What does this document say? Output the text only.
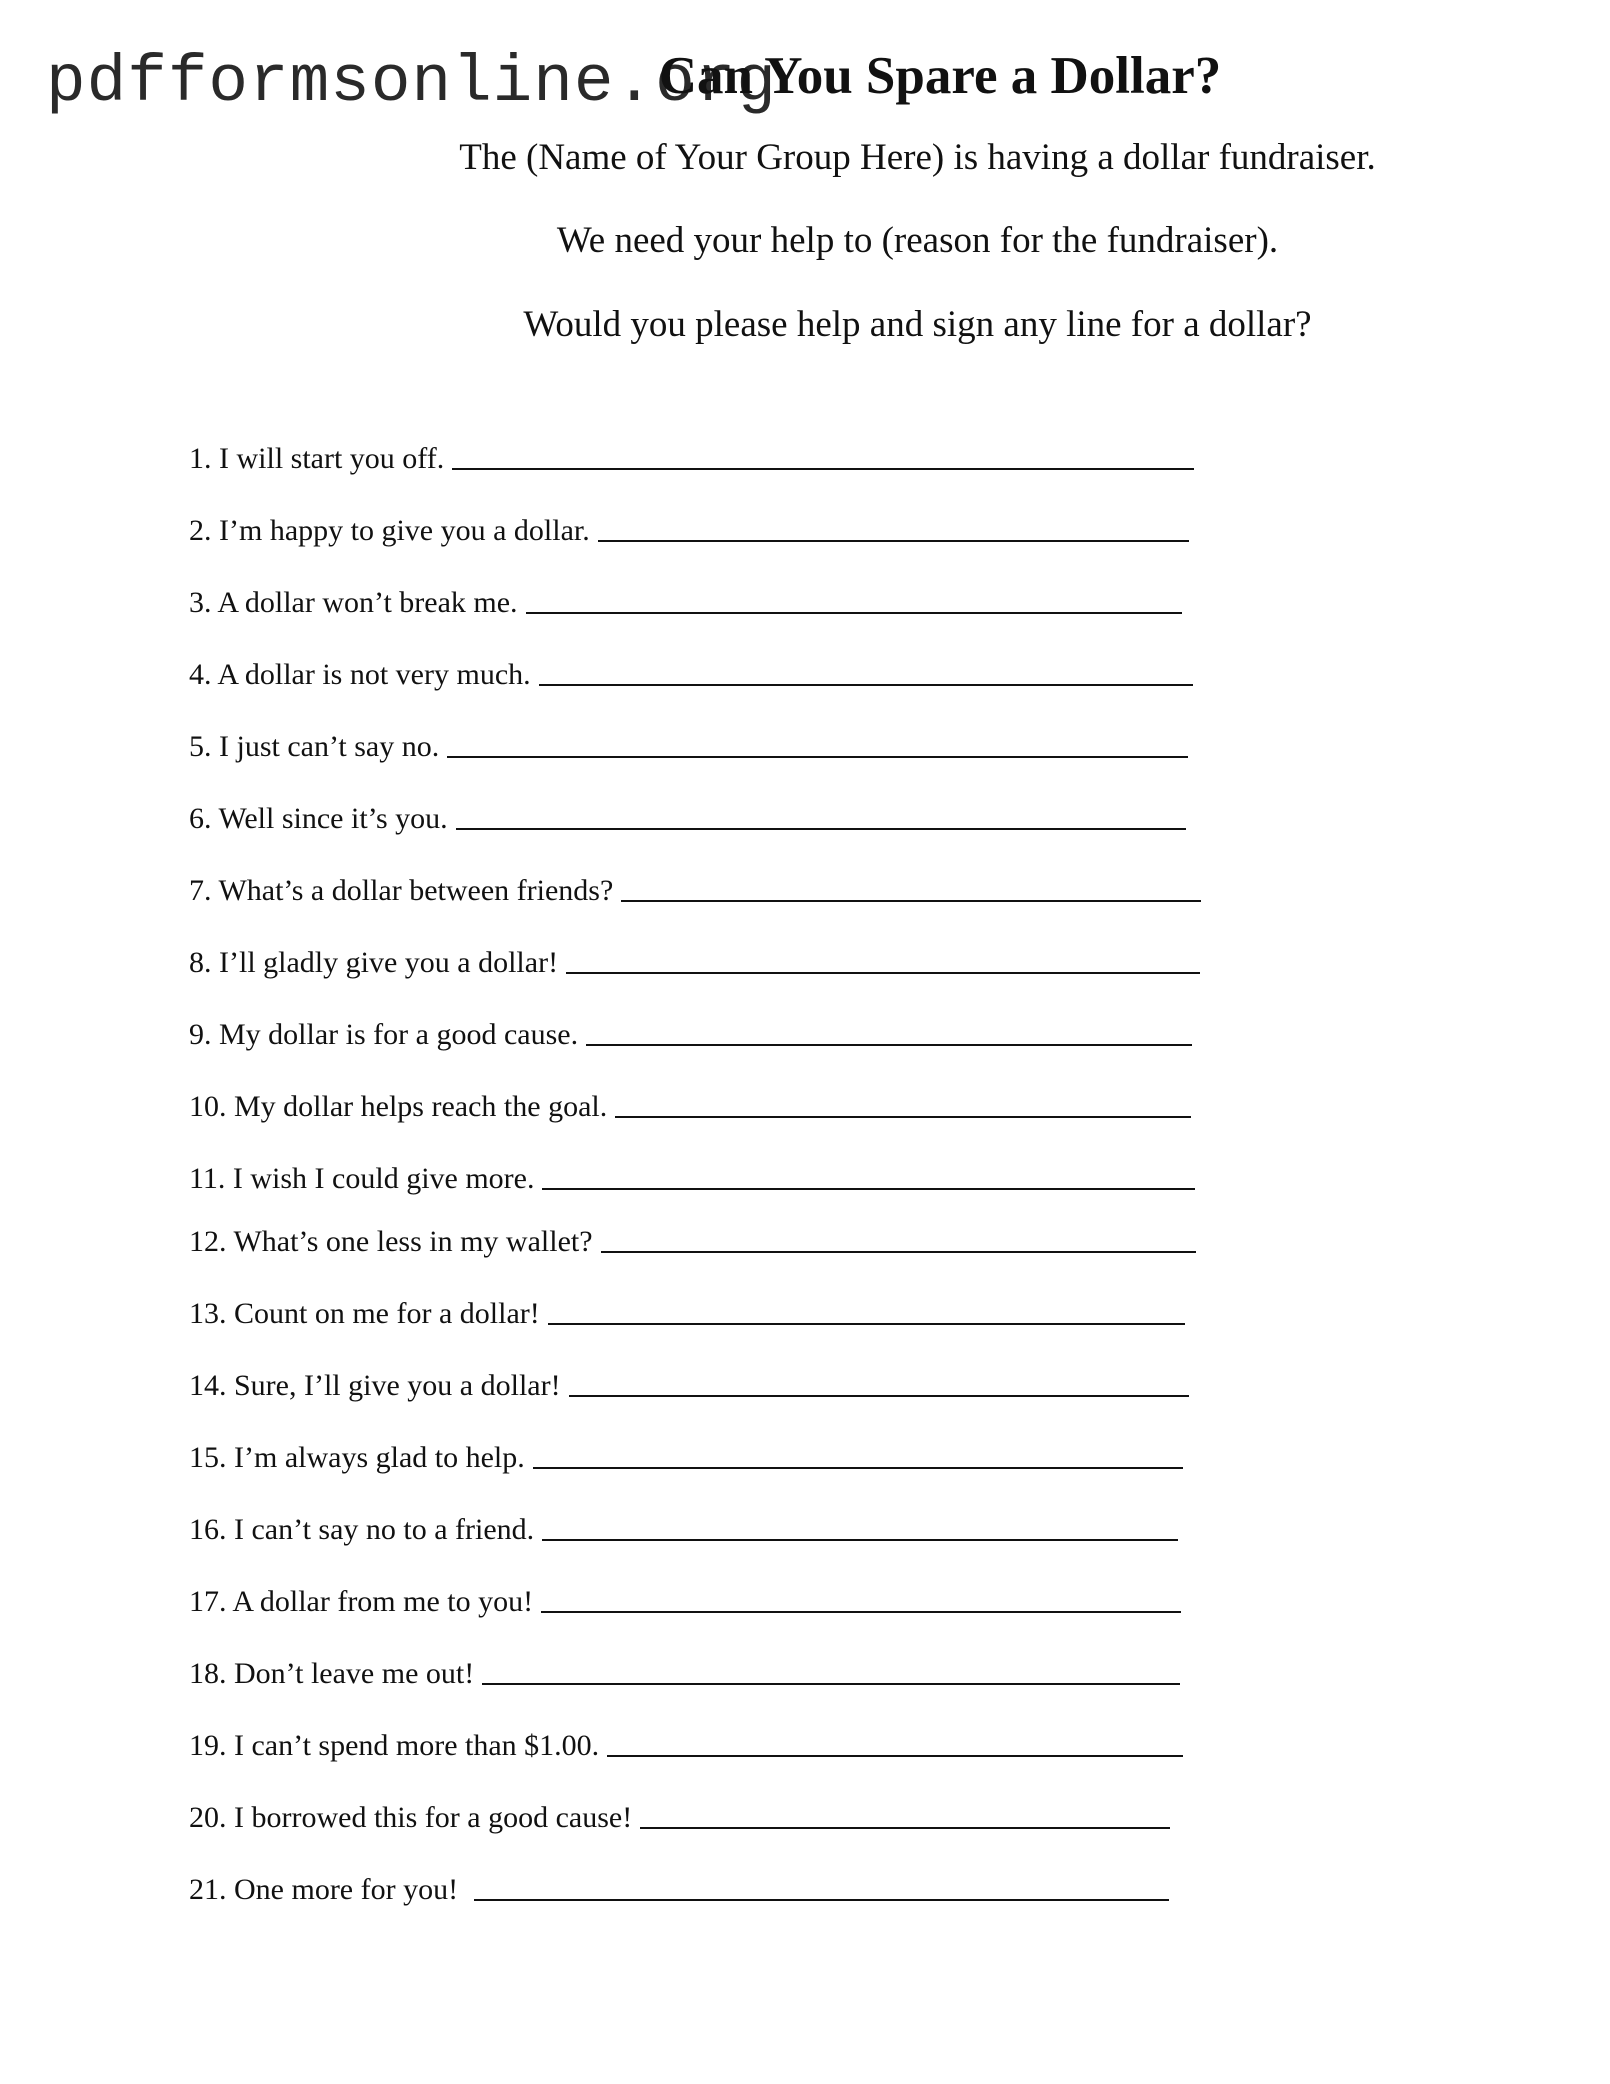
pdfformsonline.org
Can You Spare a Dollar?
The (Name of Your Group Here) is having a dollar fundraiser.
We need your help to (reason for the fundraiser).
Would you please help and sign any line for a dollar?
1. I will start you off.
2. I’m happy to give you a dollar.
3. A dollar won’t break me.
4. A dollar is not very much.
5. I just can’t say no.
6. Well since it’s you.
7. What’s a dollar between friends?
8. I’ll gladly give you a dollar!
9. My dollar is for a good cause.
10. My dollar helps reach the goal.
11. I wish I could give more.
12. What’s one less in my wallet?
13. Count on me for a dollar!
14. Sure, I’ll give you a dollar!
15. I’m always glad to help.
16. I can’t say no to a friend.
17. A dollar from me to you!
18. Don’t leave me out!
19. I can’t spend more than $1.00.
20. I borrowed this for a good cause!
21. One more for you!
